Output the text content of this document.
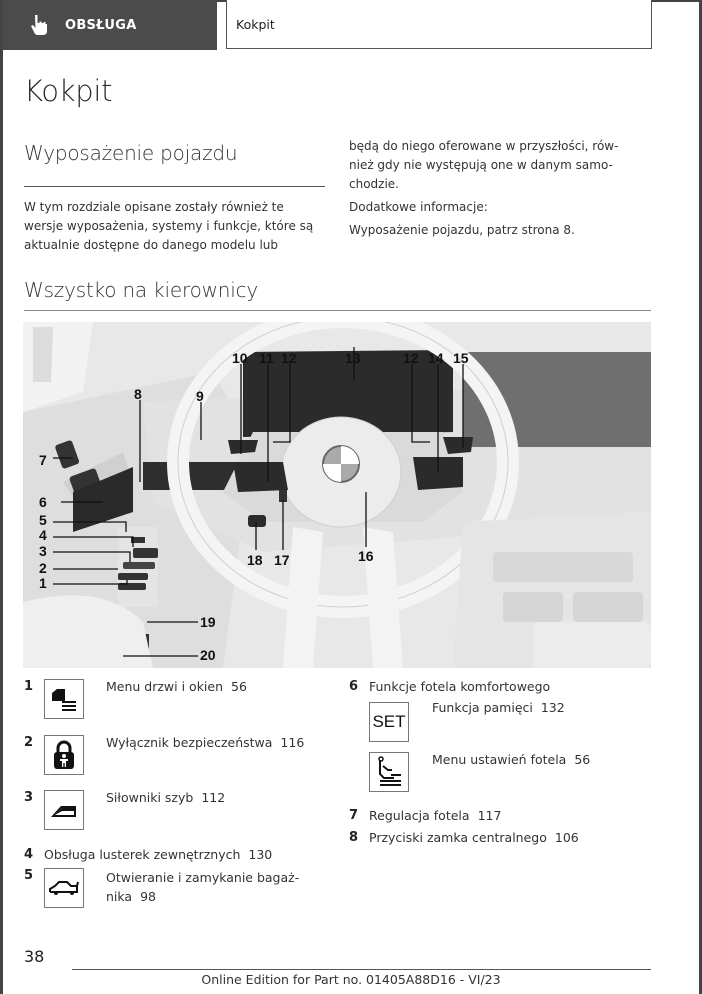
OBSŁUGA	Kokpit
Kokpit
Wyposażenie pojazdu

W tym rozdziale opisane zostały również te wersje wyposażenia, systemy i funkcje, które są aktualnie dostępne do danego modelu lub

będą do niego oferowane w przyszłości, rów-

nież gdy nie występują one w danym samo-

chodzie.

Dodatkowe informacje:

Wyposażenie pojazdu, patrz strona 8.

Wszystko na kierownicy
7
6
5
4
3
2
1
8	9
10 11 12	13	12 14 15
16
17
18
19
20
1	Menu drzwi i okien 56
2	Wyłącznik bezpieczeństwa 116
3	Siłowniki szyb 112
4 Obsługa lusterek zewnętrznych 130
5	Otwieranie i zamykanie bagaż-
nika 98
6 Funkcje fotela komfortowego
SET
Funkcja pamięci 132
Menu ustawień fotela 56
7 Regulacja fotela 117
8 Przyciski zamka centralnego 106
38
Online Edition for Part no. 01405A88D16 - VI/23
